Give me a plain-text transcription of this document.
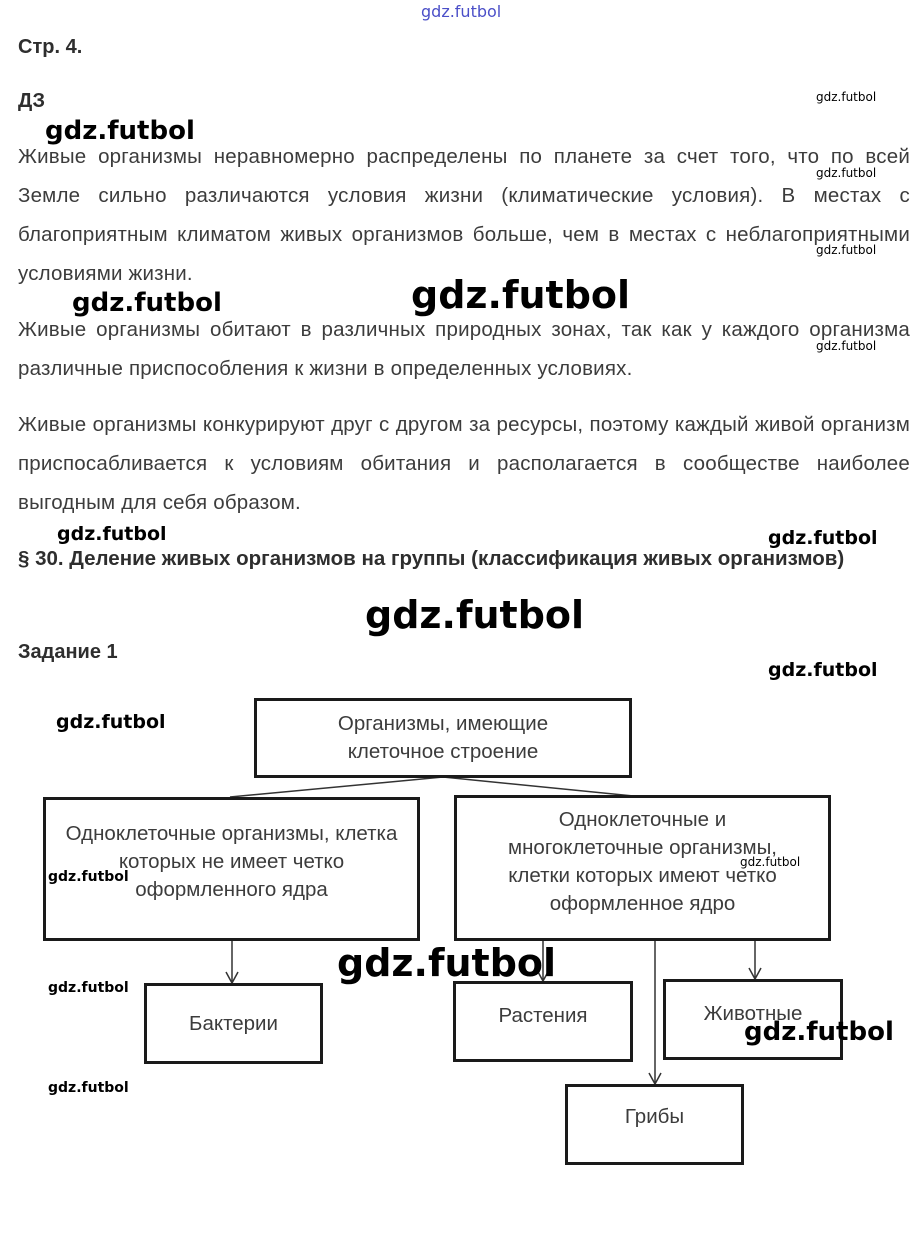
gdz.futbol
Стр. 4.
ДЗ
Живые организмы неравномерно распределены по планете за счет того, что по всей Земле сильно различаются условия жизни (климатические условия). В местах с благоприятным климатом живых организмов больше, чем в местах с неблагоприятными условиями жизни.
Живые организмы обитают в различных природных зонах, так как у каждого организма различные приспособления к жизни в определенных условиях.
Живые организмы конкурируют друг с другом за ресурсы, поэтому каждый живой организм приспосабливается к условиям обитания и располагается в сообществе наиболее выгодным для себя образом.
§ 30. Деление живых организмов на группы (классификация живых организмов)
Задание 1
Организмы, имеющие клеточное строение
Одноклеточные организмы, клетка которых не имеет четко оформленного ядра
Одноклеточные и многоклеточные организмы, клетки которых имеют четко оформленное ядро
Бактерии	Растения	Животные
Грибы
gdz.futbol
gdz.futbol
gdz.futbol
gdz.futbol
gdz.futbol	gdz.futbol
gdz.futbol
gdz.futbol	gdz.futbol
gdz.futbol
gdz.futbol
gdz.futbol
gdz.futbol
gdz.futbol
gdz.futbol
gdz.futbol
gdz.futbol
gdz.futbol
